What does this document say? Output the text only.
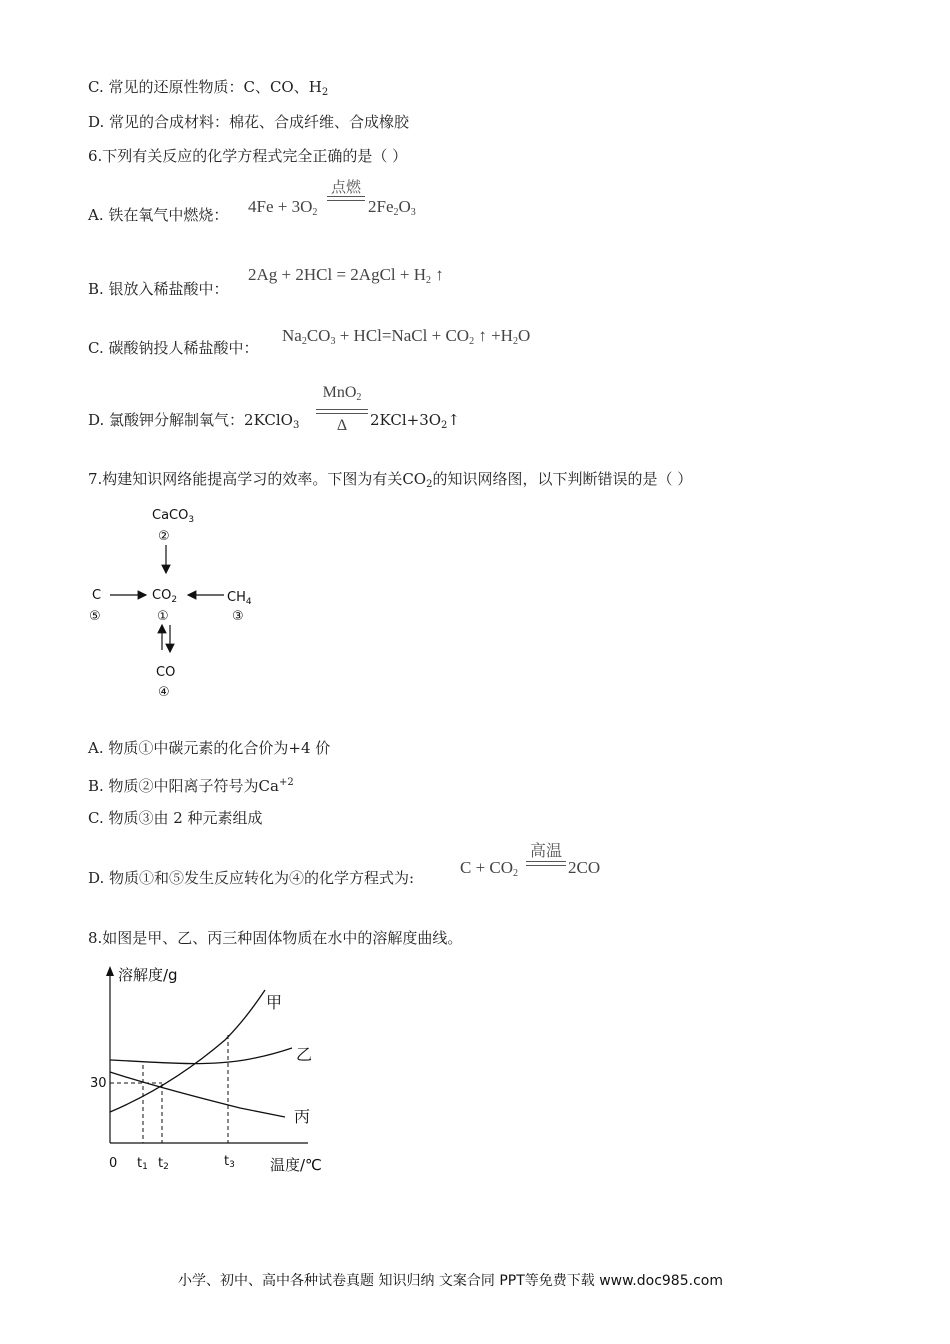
C. 常见的还原性物质：C、CO、$H_2$
D. 常见的合成材料：棉花、合成纤维、合成橡胶
6.下列有关反应的化学方程式完全正确的是（ ）
A. 铁在氧气中燃烧： $4Fe + 3O_2$
点燃
$2Fe_2O_3$
B. 银放入稀盐酸中：
2Ag + 2HCl = 2AgCl + $H_2$ ↑
C. 碳酸钠投人稀盐酸中：
$Na_2CO_3$ + HCl=NaCl + $CO_2$ ↑ $+H_2O$
D. 氯酸钾分解制氧气：2KClO$_3$
MnO$_2$
Δ	$2KCl+3O_2↑$
7.构建知识网络能提高学习的效率。下图为有关$CO_2$的知识网络图，以下判断错误的是（ ）
CaCO$_3$
②
C
⑤
$CO_2$
①
$CH_4$
③
CO
④
A. 物质①中碳元素的化合价为+4 价
B. 物质②中阳离子符号为$Ca^{+2}$
C. 物质③由 2 种元素组成
D. 物质①和⑤发生反应转化为④的化学方程式为:
$C + CO_2$
高温
2CO
8.如图是甲、乙、丙三种固体物质在水中的溶解度曲线。
溶解度/g
温度/℃
0
30
甲
乙
丙
t1 t2	t3
小学、初中、高中各种试卷真题 知识归纳 文案合同 PPT等免费下载 www.doc985.com
